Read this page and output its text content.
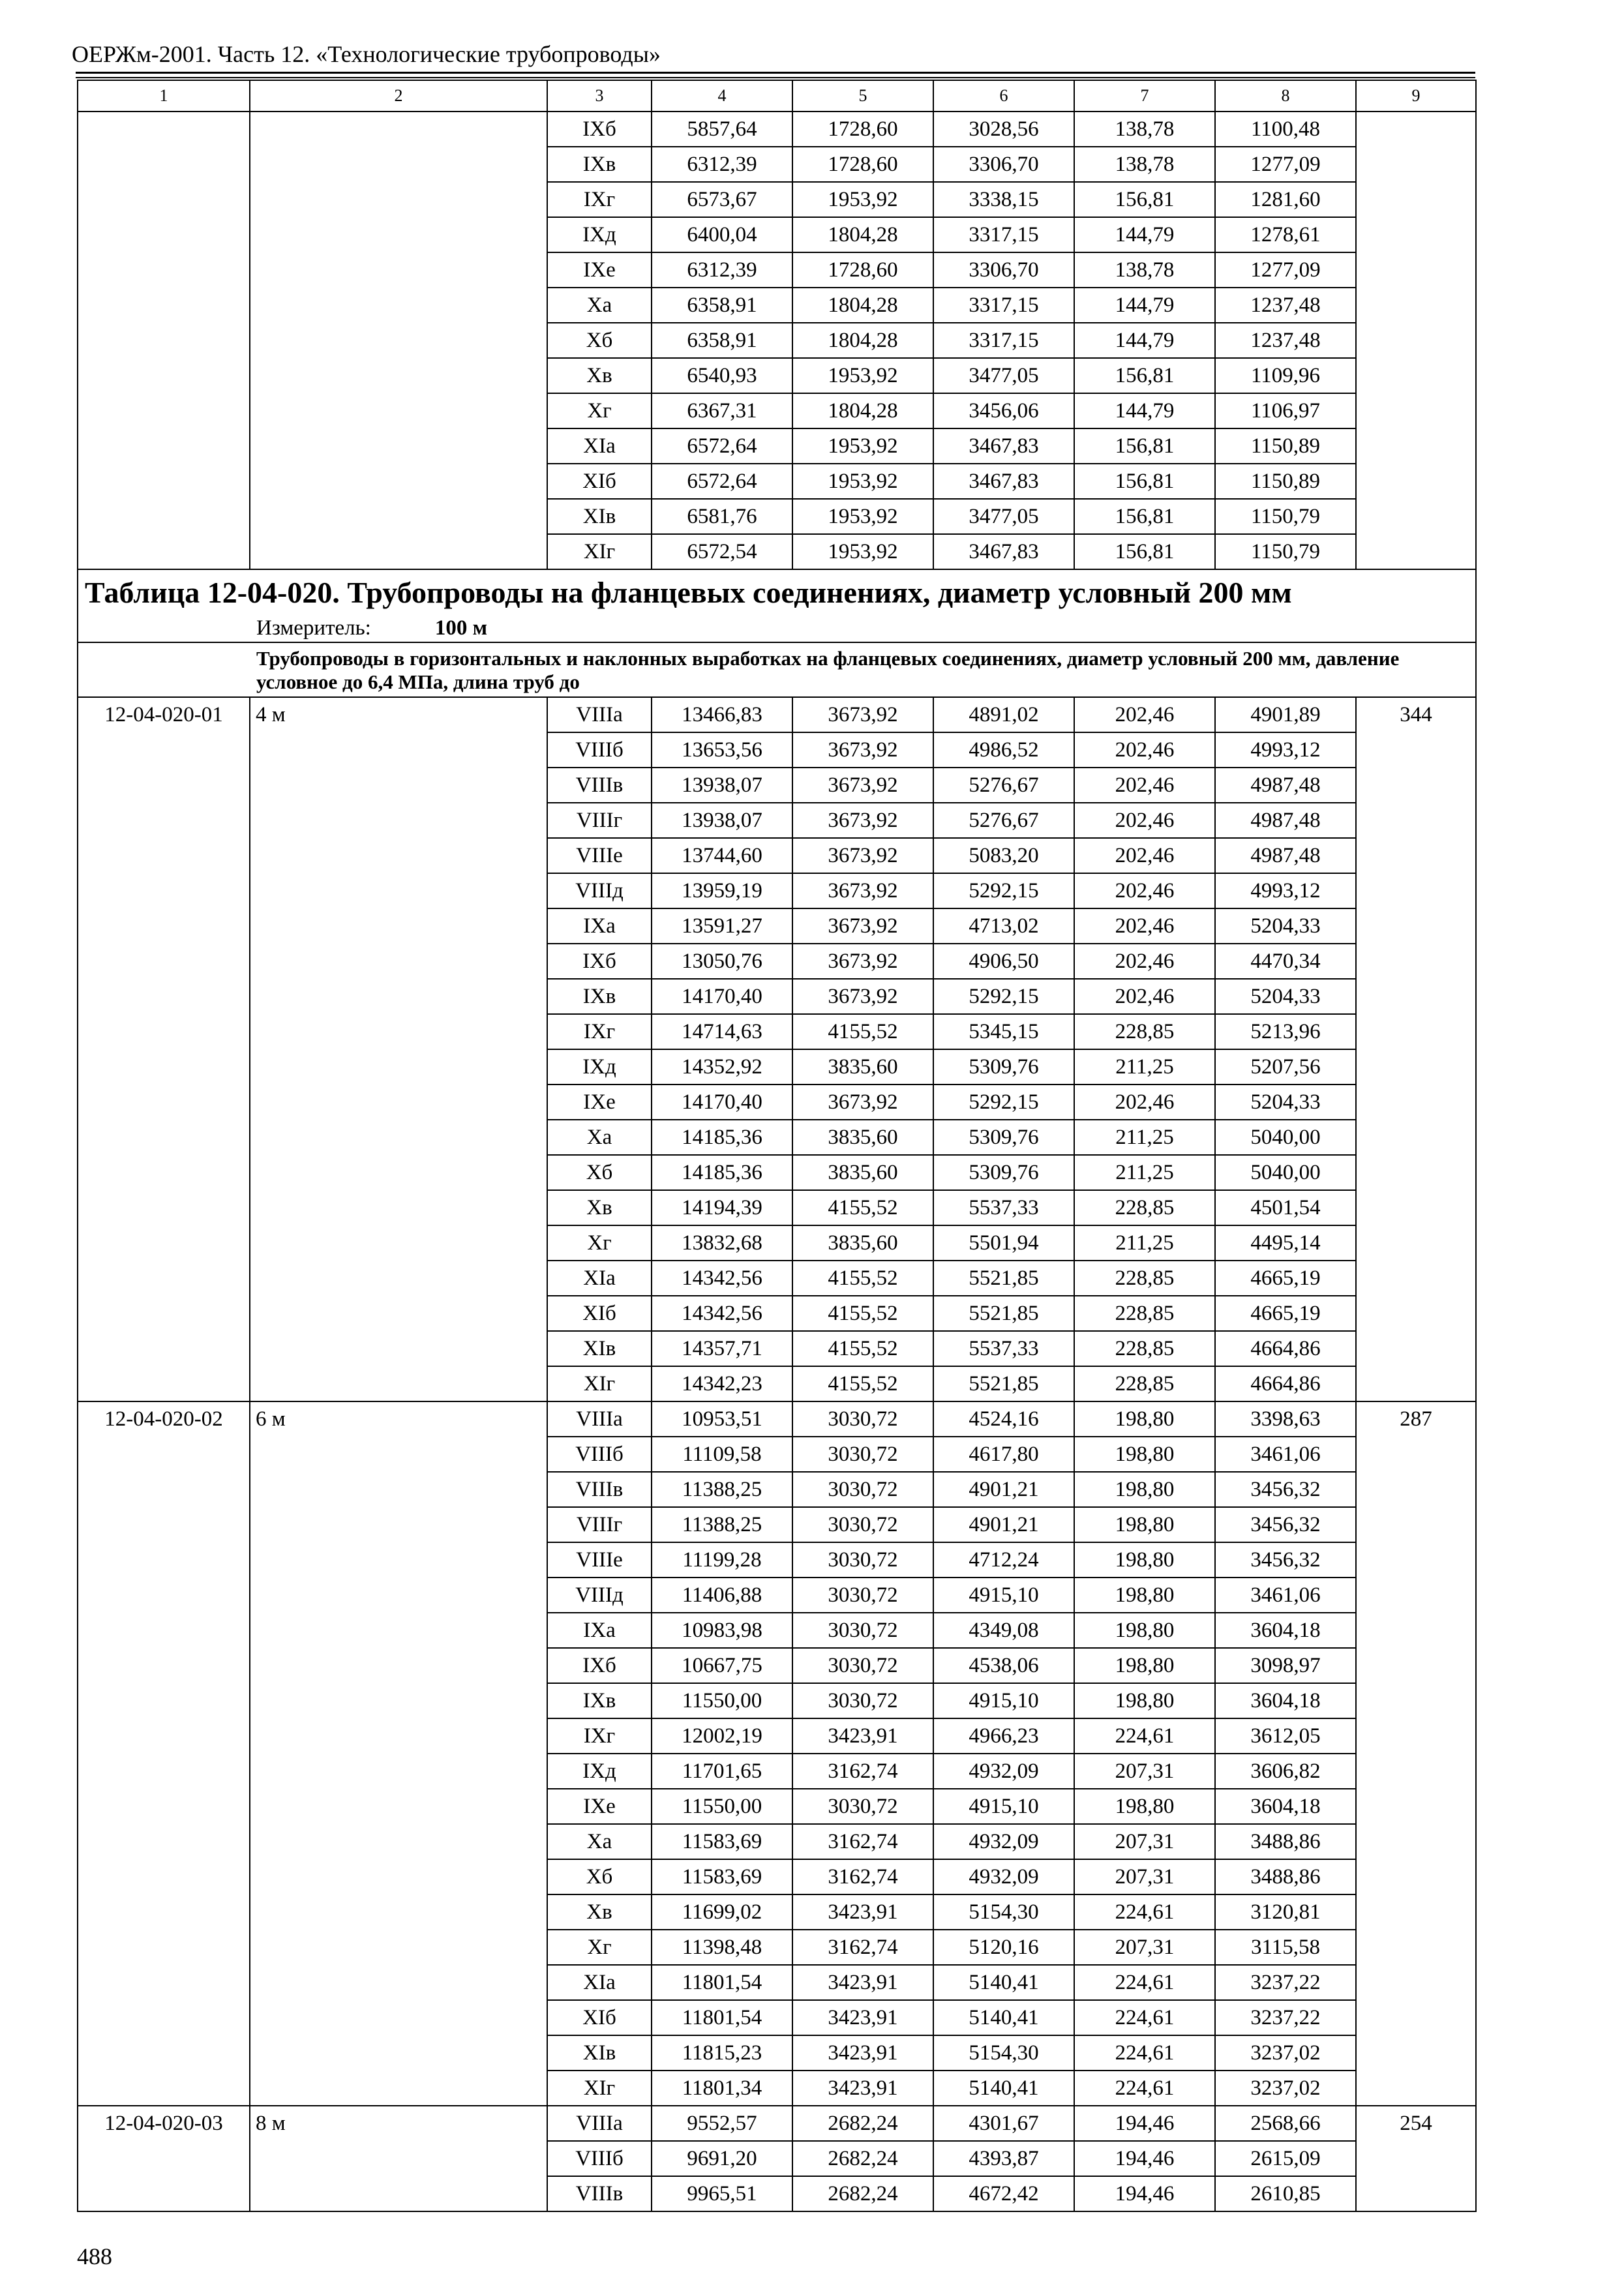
ОЕРЖм-2001. Часть 12. «Технологические трубопроводы»
1	2	3	4	5	6	7	8	9
		IХб	5857,64	1728,60	3028,56	138,78	1100,48	
		IХв	6312,39	1728,60	3306,70	138,78	1277,09	
		IХг	6573,67	1953,92	3338,15	156,81	1281,60	
		IХд	6400,04	1804,28	3317,15	144,79	1278,61	
		IХе	6312,39	1728,60	3306,70	138,78	1277,09	
		Ха	6358,91	1804,28	3317,15	144,79	1237,48	
		Хб	6358,91	1804,28	3317,15	144,79	1237,48	
		Хв	6540,93	1953,92	3477,05	156,81	1109,96	
		Хг	6367,31	1804,28	3456,06	144,79	1106,97	
		ХIа	6572,64	1953,92	3467,83	156,81	1150,89	
		ХIб	6572,64	1953,92	3467,83	156,81	1150,89	
		ХIв	6581,76	1953,92	3477,05	156,81	1150,79	
		ХIг	6572,54	1953,92	3467,83	156,81	1150,79	
Таблица 12-04-020. Трубопроводы на фланцевых соединениях, диаметр условный 200 мм								
	Измеритель: 100 м							
	Трубопроводы в горизонтальных и наклонных выработках на фланцевых соединениях, диаметр условный 200 мм, давление условное до 6,4 МПа, длина труб до							
12-04-020-01	4 м	VIIIа	13466,83	3673,92	4891,02	202,46	4901,89	344
		VIIIб	13653,56	3673,92	4986,52	202,46	4993,12	
		VIIIв	13938,07	3673,92	5276,67	202,46	4987,48	
		VIIIг	13938,07	3673,92	5276,67	202,46	4987,48	
		VIIIе	13744,60	3673,92	5083,20	202,46	4987,48	
		VIIIд	13959,19	3673,92	5292,15	202,46	4993,12	
		IХа	13591,27	3673,92	4713,02	202,46	5204,33	
		IХб	13050,76	3673,92	4906,50	202,46	4470,34	
		IХв	14170,40	3673,92	5292,15	202,46	5204,33	
		IХг	14714,63	4155,52	5345,15	228,85	5213,96	
		IХд	14352,92	3835,60	5309,76	211,25	5207,56	
		IХе	14170,40	3673,92	5292,15	202,46	5204,33	
		Ха	14185,36	3835,60	5309,76	211,25	5040,00	
		Хб	14185,36	3835,60	5309,76	211,25	5040,00	
		Хв	14194,39	4155,52	5537,33	228,85	4501,54	
		Хг	13832,68	3835,60	5501,94	211,25	4495,14	
		ХIа	14342,56	4155,52	5521,85	228,85	4665,19	
		ХIб	14342,56	4155,52	5521,85	228,85	4665,19	
		ХIв	14357,71	4155,52	5537,33	228,85	4664,86	
		ХIг	14342,23	4155,52	5521,85	228,85	4664,86	
12-04-020-02	6 м	VIIIа	10953,51	3030,72	4524,16	198,80	3398,63	287
		VIIIб	11109,58	3030,72	4617,80	198,80	3461,06	
		VIIIв	11388,25	3030,72	4901,21	198,80	3456,32	
		VIIIг	11388,25	3030,72	4901,21	198,80	3456,32	
		VIIIе	11199,28	3030,72	4712,24	198,80	3456,32	
		VIIIд	11406,88	3030,72	4915,10	198,80	3461,06	
		IХа	10983,98	3030,72	4349,08	198,80	3604,18	
		IХб	10667,75	3030,72	4538,06	198,80	3098,97	
		IХв	11550,00	3030,72	4915,10	198,80	3604,18	
		IХг	12002,19	3423,91	4966,23	224,61	3612,05	
		IХд	11701,65	3162,74	4932,09	207,31	3606,82	
		IХе	11550,00	3030,72	4915,10	198,80	3604,18	
		Ха	11583,69	3162,74	4932,09	207,31	3488,86	
		Хб	11583,69	3162,74	4932,09	207,31	3488,86	
		Хв	11699,02	3423,91	5154,30	224,61	3120,81	
		Хг	11398,48	3162,74	5120,16	207,31	3115,58	
		ХIа	11801,54	3423,91	5140,41	224,61	3237,22	
		ХIб	11801,54	3423,91	5140,41	224,61	3237,22	
		ХIв	11815,23	3423,91	5154,30	224,61	3237,02	
		ХIг	11801,34	3423,91	5140,41	224,61	3237,02	
12-04-020-03	8 м	VIIIа	9552,57	2682,24	4301,67	194,46	2568,66	254
		VIIIб	9691,20	2682,24	4393,87	194,46	2615,09	
		VIIIв	9965,51	2682,24	4672,42	194,46	2610,85	
488
